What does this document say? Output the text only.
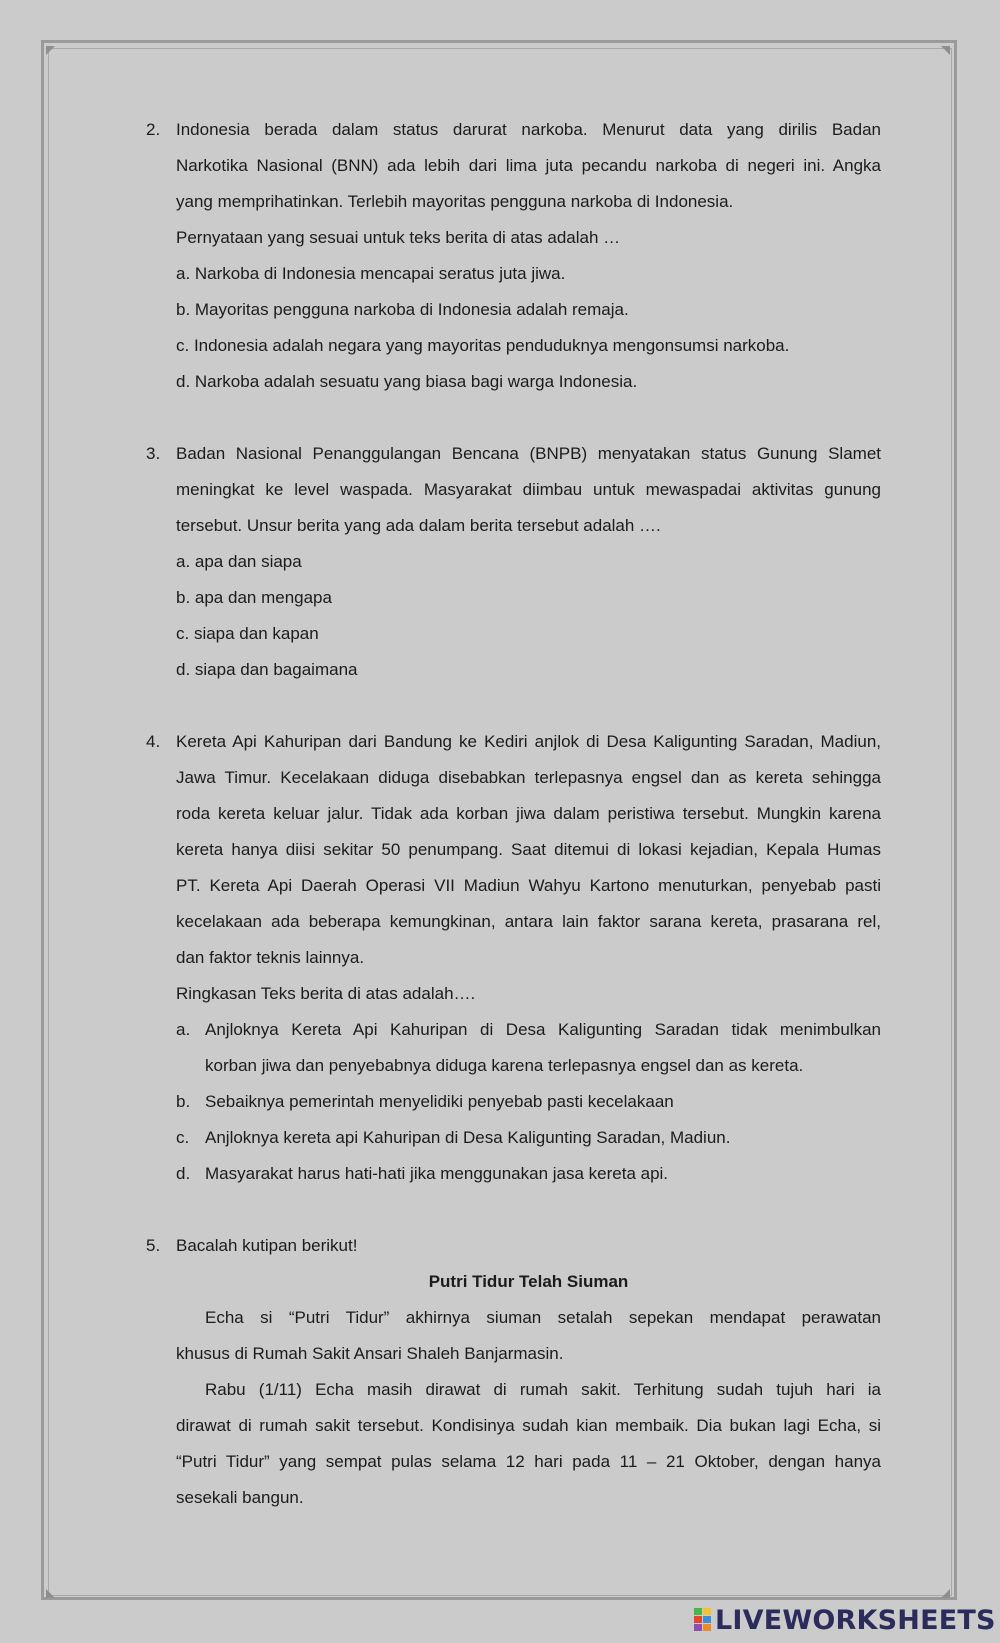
2. Indonesia berada dalam status darurat narkoba. Menurut data yang dirilis Badan
Narkotika Nasional (BNN) ada lebih dari lima juta pecandu narkoba di negeri ini. Angka
yang memprihatinkan. Terlebih mayoritas pengguna narkoba di Indonesia.
Pernyataan yang sesuai untuk teks berita di atas adalah …
a. Narkoba di Indonesia mencapai seratus juta jiwa.
b. Mayoritas pengguna narkoba di Indonesia adalah remaja.
c. Indonesia adalah negara yang mayoritas penduduknya mengonsumsi narkoba.
d. Narkoba adalah sesuatu yang biasa bagi warga Indonesia.
3. Badan Nasional Penanggulangan Bencana (BNPB) menyatakan status Gunung Slamet
meningkat ke level waspada. Masyarakat diimbau untuk mewaspadai aktivitas gunung
tersebut. Unsur berita yang ada dalam berita tersebut adalah ….
a. apa dan siapa
b. apa dan mengapa
c. siapa dan kapan
d. siapa dan bagaimana
4. Kereta Api Kahuripan dari Bandung ke Kediri anjlok di Desa Kaligunting Saradan, Madiun,
Jawa Timur. Kecelakaan diduga disebabkan terlepasnya engsel dan as kereta sehingga
roda kereta keluar jalur. Tidak ada korban jiwa dalam peristiwa tersebut. Mungkin karena
kereta hanya diisi sekitar 50 penumpang. Saat ditemui di lokasi kejadian, Kepala Humas
PT. Kereta Api Daerah Operasi VII Madiun Wahyu Kartono menuturkan, penyebab pasti
kecelakaan ada beberapa kemungkinan, antara lain faktor sarana kereta, prasarana rel,
dan faktor teknis lainnya.
Ringkasan Teks berita di atas adalah….
a. Anjloknya Kereta Api Kahuripan di Desa Kaligunting Saradan tidak menimbulkan
korban jiwa dan penyebabnya diduga karena terlepasnya engsel dan as kereta.
b. Sebaiknya pemerintah menyelidiki penyebab pasti kecelakaan
c. Anjloknya kereta api Kahuripan di Desa Kaligunting Saradan, Madiun.
d. Masyarakat harus hati-hati jika menggunakan jasa kereta api.
5. Bacalah kutipan berikut!
Putri Tidur Telah Siuman
Echa si “Putri Tidur” akhirnya siuman setalah sepekan mendapat perawatan
khusus di Rumah Sakit Ansari Shaleh Banjarmasin.
Rabu (1/11) Echa masih dirawat di rumah sakit. Terhitung sudah tujuh hari ia
dirawat di rumah sakit tersebut. Kondisinya sudah kian membaik. Dia bukan lagi Echa, si
“Putri Tidur” yang sempat pulas selama 12 hari pada 11 – 21 Oktober, dengan hanya
sesekali bangun.
LIVEWORKSHEETS
